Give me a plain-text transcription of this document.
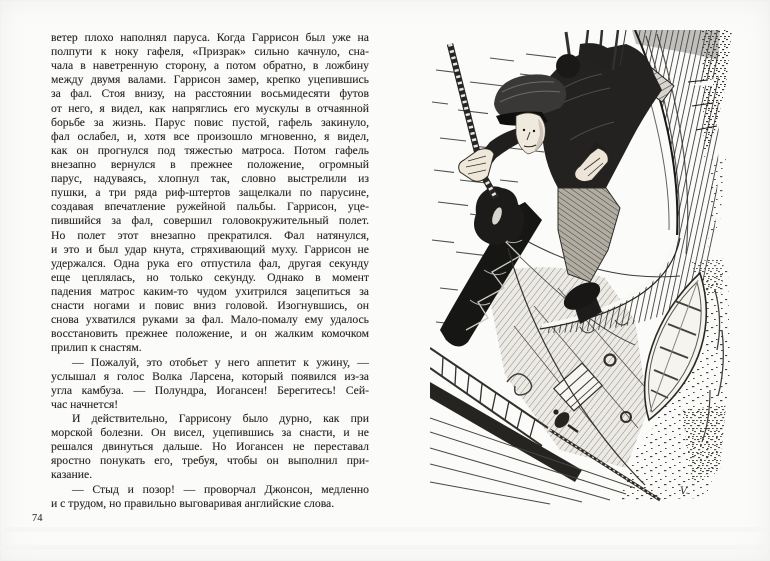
ветер плохо наполнял паруса. Когда Гаррисон был уже на
полпути к ноку гафеля, «Призрак» сильно качнуло, сна-
чала в наветренную сторону, а потом обратно, в ложбину
между двумя валами. Гаррисон замер, крепко уцепившись
за фал. Стоя внизу, на расстоянии восьмидесяти футов
от него, я видел, как напряглись его мускулы в отчаянной
борьбе за жизнь. Парус повис пустой, гафель закинуло,
фал ослабел, и, хотя все произошло мгновенно, я видел,
как он прогнулся под тяжестью матроса. Потом гафель
внезапно вернулся в прежнее положение, огромный
парус, надуваясь, хлопнул так, словно выстрелили из
пушки, а три ряда риф-штертов защелкали по парусине,
создавая впечатление ружейной пальбы. Гаррисон, уце-
пившийся за фал, совершил головокружительный полет.
Но полет этот внезапно прекратился. Фал натянулся,
и это и был удар кнута, стряхивающий муху. Гаррисон не
удержался. Одна рука его отпустила фал, другая секунду
еще цеплялась, но только секунду. Однако в момент
падения матрос каким-то чудом ухитрился зацепиться за
снасти ногами и повис вниз головой. Изогнувшись, он
снова ухватился руками за фал. Мало-помалу ему удалось
восстановить прежнее положение, и он жалким комочком
прилип к снастям.
— Пожалуй, это отобьет у него аппетит к ужину, —
услышал я голос Волка Ларсена, который появился из-за
угла камбуза. — Полундра, Иогансен! Берегитесь! Сей-
час начнется!
И действительно, Гаррисону было дурно, как при
морской болезни. Он висел, уцепившись за снасти, и не
решался двинуться дальше. Но Иогансен не переставал
яростно понукать его, требуя, чтобы он выполнил при-
казание.
— Стыд и позор! — проворчал Джонсон, медленно
и с трудом, но правильно выговаривая английские слова.
74
V.
